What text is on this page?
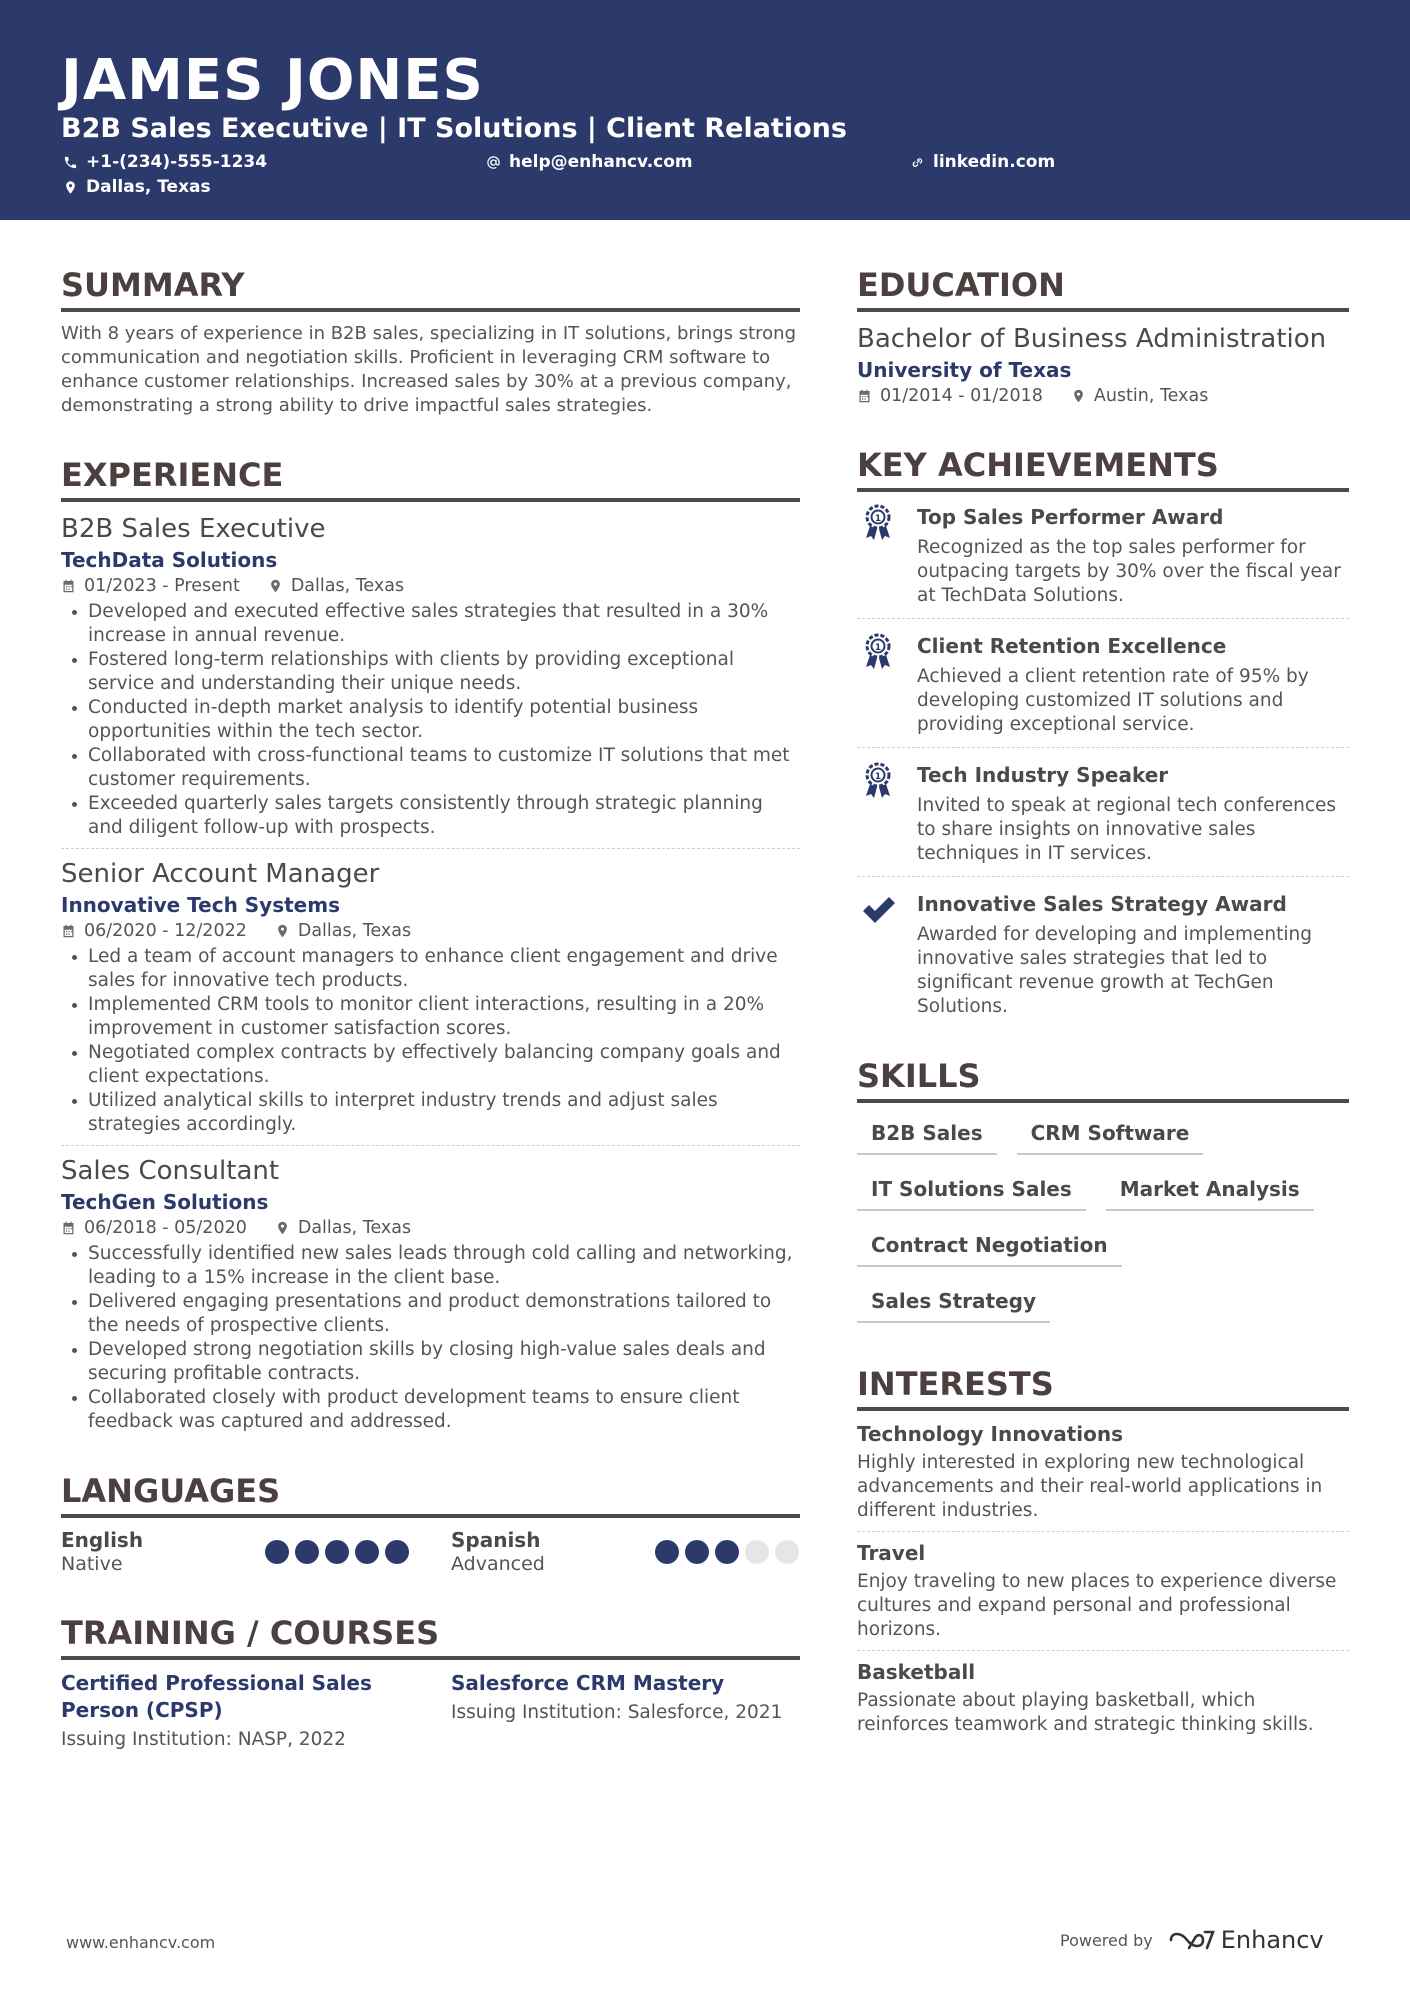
JAMES JONES
B2B Sales Executive | IT Solutions | Client Relations
+1-(234)-555-1234	help@enhancv.com	linkedin.com
Dallas, Texas
SUMMARY
With 8 years of experience in B2B sales, specializing in IT solutions, brings strong communication and negotiation skills. Proficient in leveraging CRM software to enhance customer relationships. Increased sales by 30% at a previous company, demonstrating a strong ability to drive impactful sales strategies.
EXPERIENCE
B2B Sales Executive
TechData Solutions
01/2023 - Present	Dallas, Texas
Developed and executed effective sales strategies that resulted in a 30% increase in annual revenue.
Fostered long-term relationships with clients by providing exceptional service and understanding their unique needs.
Conducted in-depth market analysis to identify potential business opportunities within the tech sector.
Collaborated with cross-functional teams to customize IT solutions that met customer requirements.
Exceeded quarterly sales targets consistently through strategic planning and diligent follow-up with prospects.
Senior Account Manager
Innovative Tech Systems
06/2020 - 12/2022	Dallas, Texas
Led a team of account managers to enhance client engagement and drive sales for innovative tech products.
Implemented CRM tools to monitor client interactions, resulting in a 20% improvement in customer satisfaction scores.
Negotiated complex contracts by effectively balancing company goals and client expectations.
Utilized analytical skills to interpret industry trends and adjust sales strategies accordingly.
Sales Consultant
TechGen Solutions
06/2018 - 05/2020	Dallas, Texas
Successfully identified new sales leads through cold calling and networking, leading to a 15% increase in the client base.
Delivered engaging presentations and product demonstrations tailored to the needs of prospective clients.
Developed strong negotiation skills by closing high-value sales deals and securing profitable contracts.
Collaborated closely with product development teams to ensure client feedback was captured and addressed.
LANGUAGES
English
Native
Spanish
Advanced
TRAINING / COURSES
Certified Professional Sales Person (CPSP)
Issuing Institution: NASP, 2022
Salesforce CRM Mastery
Issuing Institution: Salesforce, 2021
EDUCATION
Bachelor of Business Administration
University of Texas
01/2014 - 01/2018	Austin, Texas
KEY ACHIEVEMENTS
1 Top Sales Performer Award
Recognized as the top sales performer for outpacing targets by 30% over the fiscal year at TechData Solutions.
1 Client Retention Excellence
Achieved a client retention rate of 95% by developing customized IT solutions and providing exceptional service.
1 Tech Industry Speaker
Invited to speak at regional tech conferences to share insights on innovative sales techniques in IT services.
Innovative Sales Strategy Award
Awarded for developing and implementing innovative sales strategies that led to significant revenue growth at TechGen Solutions.
SKILLS
B2B Sales	CRM Software
IT Solutions Sales	Market Analysis
Contract Negotiation
Sales Strategy
INTERESTS
Technology Innovations
Highly interested in exploring new technological advancements and their real-world applications in different industries.
Travel
Enjoy traveling to new places to experience diverse cultures and expand personal and professional horizons.
Basketball
Passionate about playing basketball, which reinforces teamwork and strategic thinking skills.
www.enhancv.com	Powered by	Enhancv
